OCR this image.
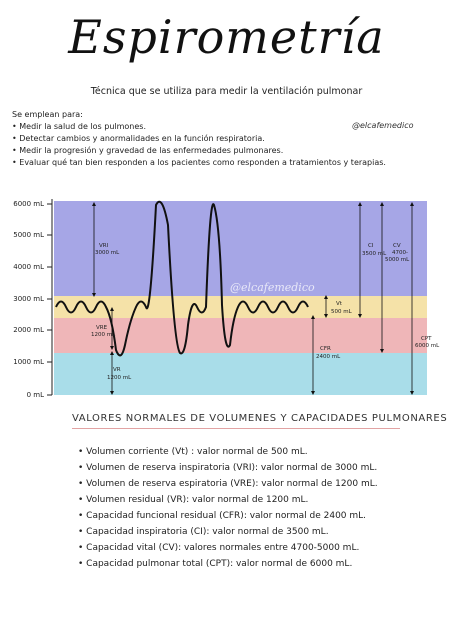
Espirometría
Técnica que se utiliza para medir la ventilación pulmonar
Se emplean para:
• Medir la salud de los pulmones.
• Detectar cambios y anormalidades en la función respiratoria.
• Medir la progresión y gravedad de las enfermedades pulmonares.
• Evaluar qué tan bien responden a los pacientes como responden a tratamientos y terapias.
@elcafemedico
6000 mL
5000 mL
4000 mL
3000 mL
2000 mL
1000 mL
0 mL
@elcafemedico
VRI
3000 mL
VRE
1200 mL
VR
1200 mL
Vt
500 mL
CFR
2400 mL
CI
3500 mL
CV
4700-
5000 mL
CPT
6000 mL
VALORES NORMALES DE VOLUMENES Y CAPACIDADES PULMONARES
• Volumen corriente (Vt) : valor normal de 500 mL.
• Volumen de reserva inspiratoria (VRI): valor normal de 3000 mL.
• Volumen de reserva espiratoria (VRE): valor normal de 1200 mL.
• Volumen residual (VR): valor normal de 1200 mL.
• Capacidad funcional residual (CFR): valor normal de 2400 mL.
• Capacidad inspiratoria (CI): valor normal de 3500 mL.
• Capacidad vital (CV): valores normales entre 4700-5000 mL.
• Capacidad pulmonar total (CPT): valor normal de 6000 mL.
